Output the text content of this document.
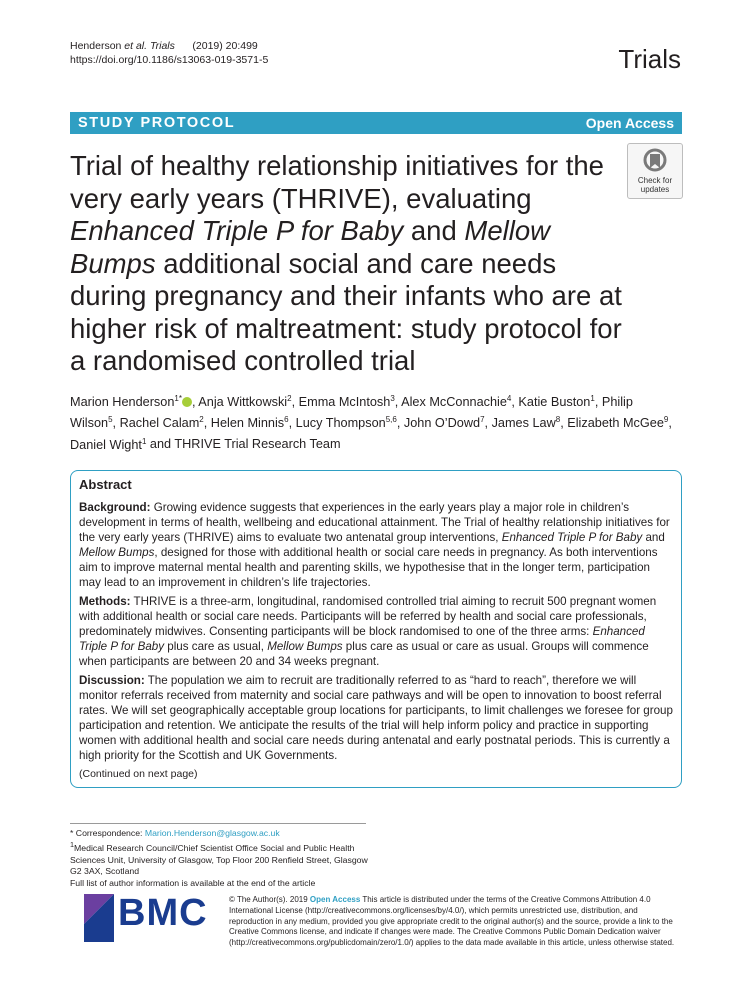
Henderson et al. Trials (2019) 20:499
https://doi.org/10.1186/s13063-019-3571-5	Trials
STUDY PROTOCOL	Open Access
Trial of healthy relationship initiatives for the very early years (THRIVE), evaluating Enhanced Triple P for Baby and Mellow Bumps additional social and care needs during pregnancy and their infants who are at higher risk of maltreatment: study protocol for a randomised controlled trial
Check for
updates
Marion Henderson$^{1*}$ , Anja Wittkowski$^2$, Emma McIntosh$^3$, Alex McConnachie$^4$, Katie Buston$^1$, Philip Wilson$^5$, Rachel Calam$^2$, Helen Minnis$^6$, Lucy Thompson$^{5,6}$, John O’Dowd$^7$, James Law$^8$, Elizabeth McGee$^9$, Daniel Wight$^1$ and THRIVE Trial Research Team
Abstract

Background: Growing evidence suggests that experiences in the early years play a major role in children’s development in terms of health, wellbeing and educational attainment. The Trial of healthy relationship initiatives for the very early years (THRIVE) aims to evaluate two antenatal group interventions, Enhanced Triple P for Baby and Mellow Bumps, designed for those with additional health or social care needs in pregnancy. As both interventions aim to improve maternal mental health and parenting skills, we hypothesise that in the longer term, participation may lead to an improvement in children’s life trajectories.

Methods: THRIVE is a three-arm, longitudinal, randomised controlled trial aiming to recruit 500 pregnant women with additional health or social care needs. Participants will be referred by health and social care professionals, predominately midwives. Consenting participants will be block randomised to one of the three arms: Enhanced Triple P for Baby plus care as usual, Mellow Bumps plus care as usual or care as usual. Groups will commence when participants are between 20 and 34 weeks pregnant.

Discussion: The population we aim to recruit are traditionally referred to as “hard to reach”, therefore we will monitor referrals received from maternity and social care pathways and will be open to innovation to boost referral rates. We will set geographically acceptable group locations for participants, to limit challenges we foresee for group participation and retention. We anticipate the results of the trial will help inform policy and practice in supporting women with additional health and social care needs during antenatal and early postnatal periods. This is currently a high priority for the Scottish and UK Governments.

(Continued on next page)

* Correspondence: Marion.Henderson@glasgow.ac.uk
$^1$Medical Research Council/Chief Scientist Office Social and Public Health Sciences Unit, University of Glasgow, Top Floor 200 Renfield Street, Glasgow G2 3AX, Scotland
Full list of author information is available at the end of the article
BMC	© The Author(s). 2019 Open Access This article is distributed under the terms of the Creative Commons Attribution 4.0 International License (http://creativecommons.org/licenses/by/4.0/), which permits unrestricted use, distribution, and reproduction in any medium, provided you give appropriate credit to the original author(s) and the source, provide a link to the Creative Commons license, and indicate if changes were made. The Creative Commons Public Domain Dedication waiver (http://creativecommons.org/publicdomain/zero/1.0/) applies to the data made available in this article, unless otherwise stated.
